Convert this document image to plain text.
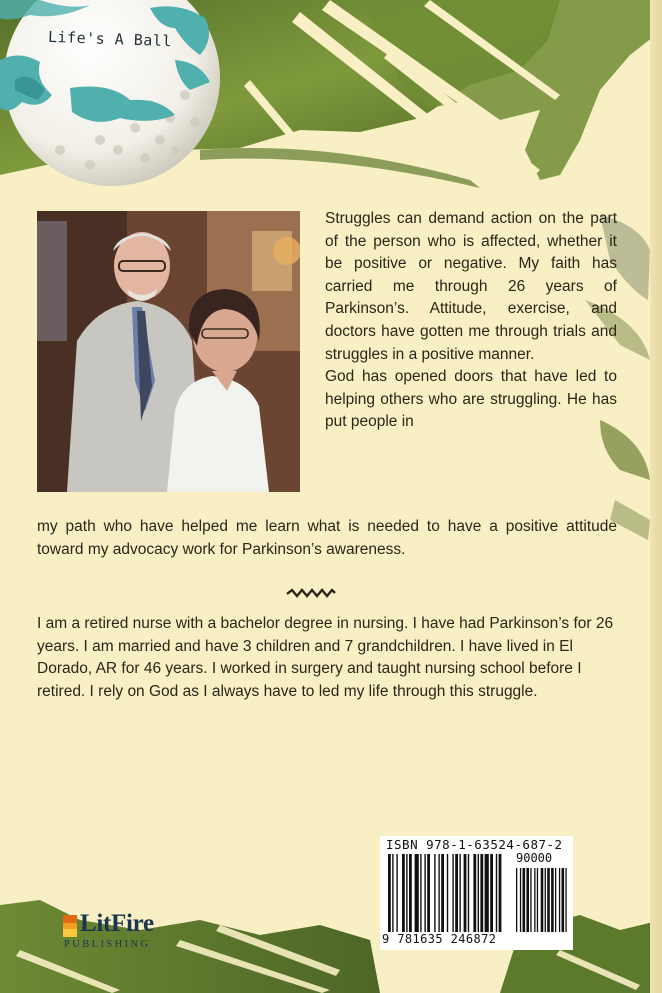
Life's A Ball

Struggles can demand action on the part of the person who is affected, whether it be positive or negative. My faith has carried me through 26 years of Parkinson’s. Attitude, exercise, and doctors have gotten me through trials and struggles in a positive manner.

God has opened doors that have led to helping others who are struggling. He has put people in

my path who have helped me learn what is needed to have a positive attitude toward my advocacy work for Parkinson’s awareness.

I am a retired nurse with a bachelor degree in nursing. I have had Parkinson’s for 26 years. I am married and have 3 children and 7 grandchildren. I have lived in El Dorado, AR for 46 years. I worked in surgery and taught nursing school before I retired. I rely on God as I always have to led my life through this struggle.

ISBN 978-1-63524-687-2
90000
9 781635 246872
LitFire
PUBLISHING
